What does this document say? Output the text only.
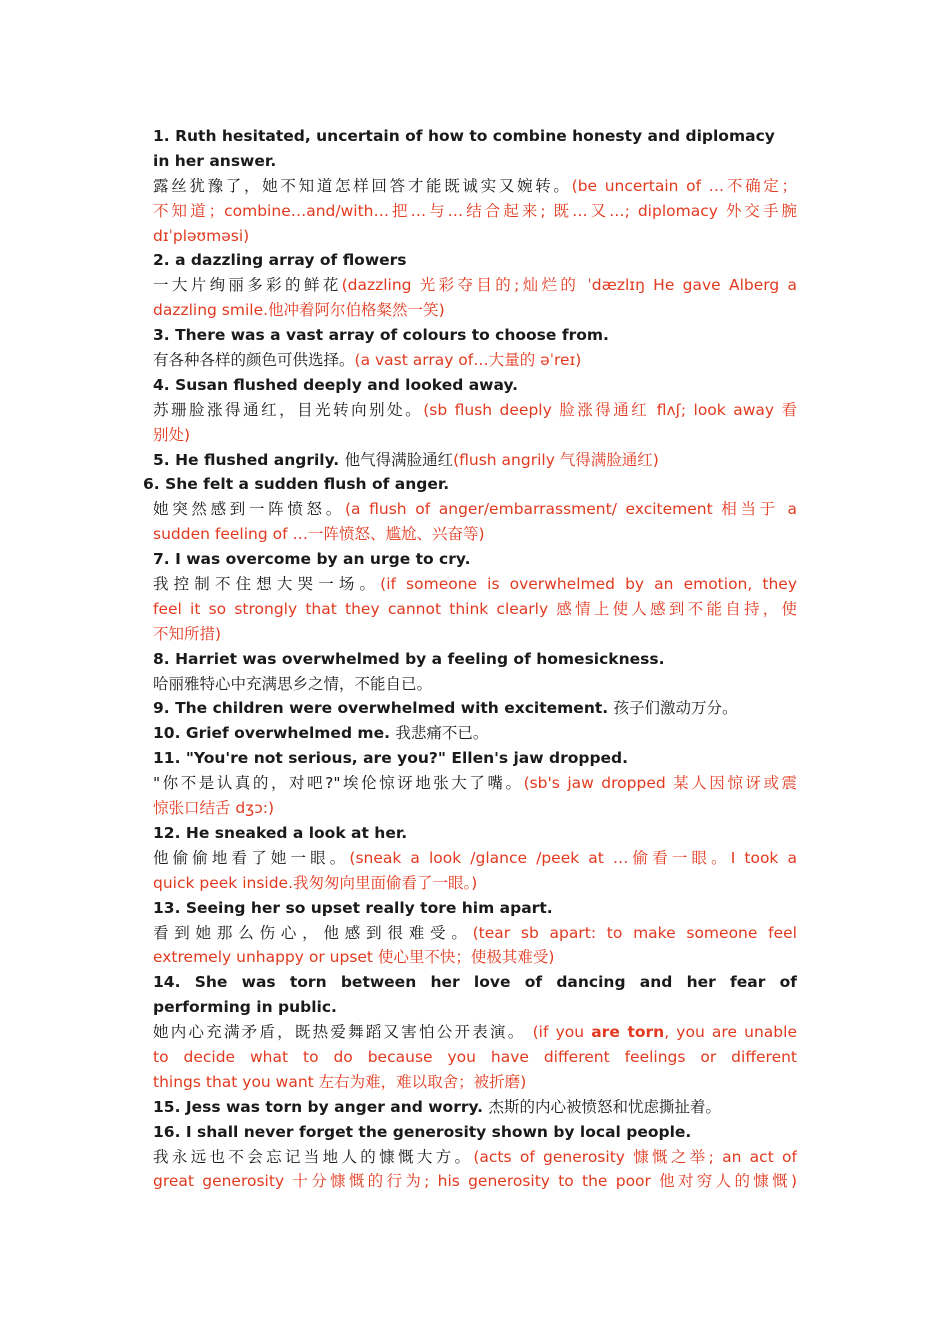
1. Ruth hesitated, uncertain of how to combine honesty and diplomacy
in her answer.
露丝犹豫了，她不知道怎样回答才能既诚实又婉转。(be uncertain of …不确定；
不知道；combine…and/with…把…与…结合起来; 既…又…; diplomacy 外交手腕
dɪˈpləʊməsi)
2. a dazzling array of flowers
一大片绚丽多彩的鲜花(dazzling 光彩夺目的;灿烂的 ˈdæzlɪŋ He gave Alberg a
dazzling smile.他冲着阿尔伯格粲然一笑)
3. There was a vast array of colours to choose from.
有各种各样的颜色可供选择。(a vast array of…大量的 əˈreɪ)
4. Susan flushed deeply and looked away.
苏珊脸涨得通红，目光转向别处。(sb flush deeply 脸涨得通红 flʌʃ; look away 看
别处)
5. He flushed angrily. 他气得满脸通红(flush angrily 气得满脸通红)
6. She felt a sudden flush of anger.
她突然感到一阵愤怒。(a flush of anger/embarrassment/ excitement 相当于 a
sudden feeling of …一阵愤怒、尴尬、兴奋等)
7. I was overcome by an urge to cry.
我控制不住想大哭一场。(if someone is overwhelmed by an emotion, they
feel it so strongly that they cannot think clearly 感情上使人感到不能自持，使
不知所措)
8. Harriet was overwhelmed by a feeling of homesickness.
哈丽雅特心中充满思乡之情，不能自已。
9. The children were overwhelmed with excitement. 孩子们激动万分。
10. Grief overwhelmed me. 我悲痛不已。
11. "You're not serious, are you?" Ellen's jaw dropped.
"你不是认真的，对吧?"埃伦惊讶地张大了嘴。(sb's jaw dropped 某人因惊讶或震
惊张口结舌 dʒɔ:)
12. He sneaked a look at her.
他偷偷地看了她一眼。(sneak a look /glance /peek at …偷看一眼。I took a
quick peek inside.我匆匆向里面偷看了一眼。)
13. Seeing her so upset really tore him apart.
看到她那么伤心，他感到很难受。(tear sb apart: to make someone feel
extremely unhappy or upset 使心里不快；使极其难受)
14. She was torn between her love of dancing and her fear of
performing in public.
她内心充满矛盾，既热爱舞蹈又害怕公开表演。 (if you are torn, you are unable
to decide what to do because you have different feelings or different
things that you want 左右为难，难以取舍；被折磨)
15. Jess was torn by anger and worry. 杰斯的内心被愤怒和忧虑撕扯着。
16. I shall never forget the generosity shown by local people.
我永远也不会忘记当地人的慷慨大方。(acts of generosity 慷慨之举; an act of
great generosity 十分慷慨的行为; his generosity to the poor 他对穷人的慷慨)
